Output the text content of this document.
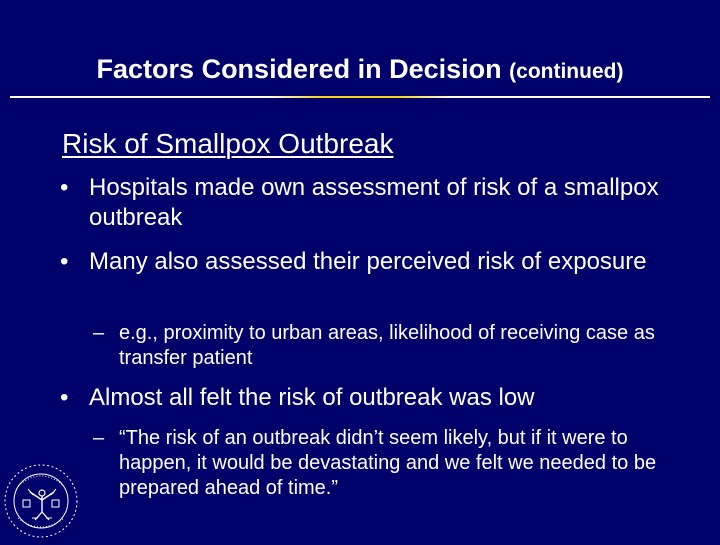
Factors Considered in Decision (continued)
Risk of Smallpox Outbreak
• Hospitals made own assessment of risk of a smallpox outbreak
• Many also assessed their perceived risk of exposure
– e.g., proximity to urban areas, likelihood of receiving case as transfer patient
• Almost all felt the risk of outbreak was low
– “The risk of an outbreak didn’t seem likely, but if it were to happen, it would be devastating and we felt we needed to be prepared ahead of time.”
